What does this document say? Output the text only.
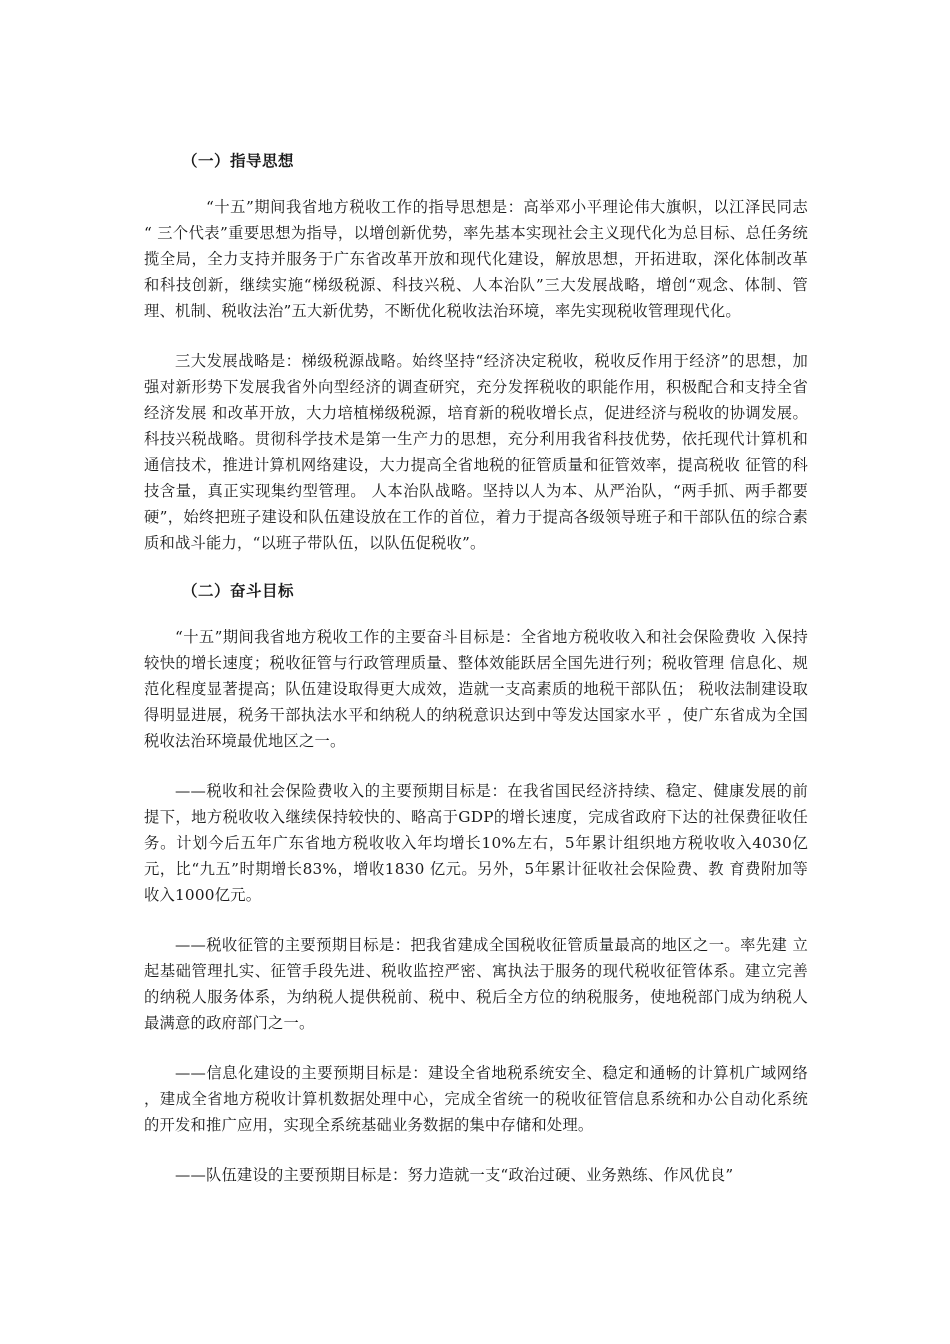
（一）指导思想

“十五”期间我省地方税收工作的指导思想是：高举邓小平理论伟大旗帜，以江泽民同志 “ 三个代表”重要思想为指导，以增创新优势，率先基本实现社会主义现代化为总目标、总任务统揽全局，全力支持并服务于广东省改革开放和现代化建设，解放思想，开拓进取，深化体制改革和科技创新，继续实施“梯级税源、科技兴税、人本治队”三大发展战略，增创“观念、体制、管理、机制、税收法治”五大新优势，不断优化税收法治环境，率先实现税收管理现代化。

三大发展战略是：梯级税源战略。始终坚持“经济决定税收，税收反作用于经济”的思想，加强对新形势下发展我省外向型经济的调查研究，充分发挥税收的职能作用，积极配合和支持全省经济发展 和改革开放，大力培植梯级税源，培育新的税收增长点，促进经济与税收的协调发展。 科技兴税战略。贯彻科学技术是第一生产力的思想，充分利用我省科技优势，依托现代计算机和通信技术，推进计算机网络建设，大力提高全省地税的征管质量和征管效率，提高税收 征管的科技含量，真正实现集约型管理。 人本治队战略。坚持以人为本、从严治队，“两手抓、两手都要硬”，始终把班子建设和队伍建设放在工作的首位，着力于提高各级领导班子和干部队伍的综合素质和战斗能力，“以班子带队伍，以队伍促税收”。

（二）奋斗目标

“十五”期间我省地方税收工作的主要奋斗目标是：全省地方税收收入和社会保险费收 入保持较快的增长速度；税收征管与行政管理质量、整体效能跃居全国先进行列；税收管理 信息化、规范化程度显著提高；队伍建设取得更大成效，造就一支高素质的地税干部队伍； 税收法制建设取得明显进展，税务干部执法水平和纳税人的纳税意识达到中等发达国家水平 ，使广东省成为全国税收法治环境最优地区之一。

——税收和社会保险费收入的主要预期目标是：在我省国民经济持续、稳定、健康发展的前提下，地方税收收入继续保持较快的、略高于GDP的增长速度，完成省政府下达的社保费征收任务。计划今后五年广东省地方税收收入年均增长10%左右，5年累计组织地方税收收入4030亿元，比“九五”时期增长83%，增收1830 亿元。另外，5年累计征收社会保险费、教 育费附加等收入1000亿元。

——税收征管的主要预期目标是：把我省建成全国税收征管质量最高的地区之一。率先建 立起基础管理扎实、征管手段先进、税收监控严密、寓执法于服务的现代税收征管体系。建立完善的纳税人服务体系，为纳税人提供税前、税中、税后全方位的纳税服务，使地税部门成为纳税人最满意的政府部门之一。

——信息化建设的主要预期目标是：建设全省地税系统安全、稳定和通畅的计算机广域网络 ，建成全省地方税收计算机数据处理中心，完成全省统一的税收征管信息系统和办公自动化系统的开发和推广应用，实现全系统基础业务数据的集中存储和处理。

——队伍建设的主要预期目标是：努力造就一支“政治过硬、业务熟练、作风优良”
